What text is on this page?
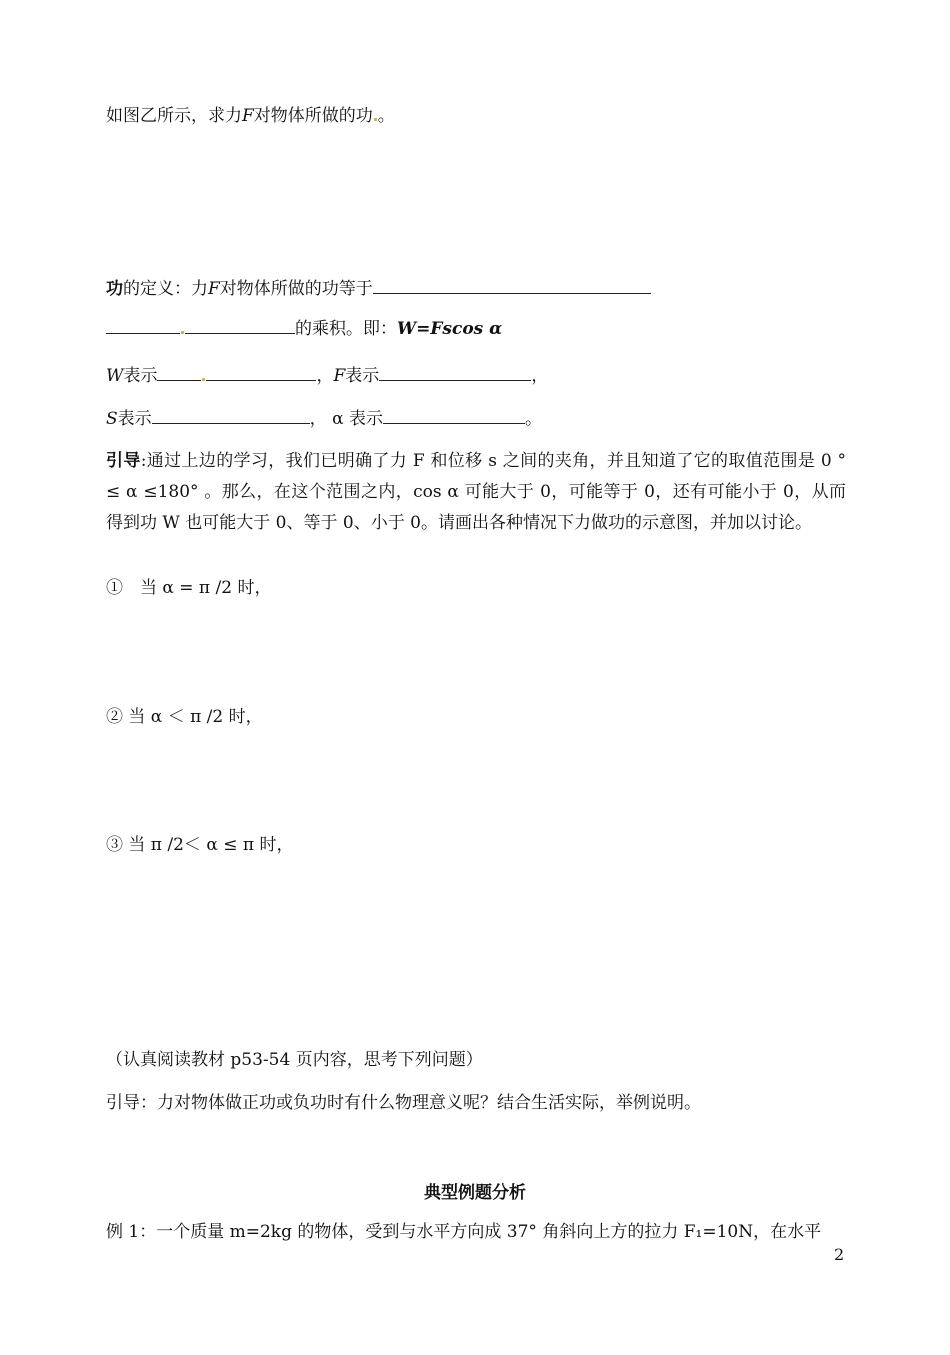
如图乙所示，求力F对物体所做的功 。
功的定义：力F对物体所做的功等于
的乘积。即：W=Fscos α
W表示	，F表示	，
S表示	， α 表示	。
引导:通过上边的学习，我们已明确了力 F 和位移 s 之间的夹角，并且知道了它的取值范围是 0 ° ≤ α ≤180° 。那么，在这个范围之内，cos α 可能大于 0，可能等于 0，还有可能小于 0，从而得到功 W 也可能大于 0、等于 0、小于 0。请画出各种情况下力做功的示意图，并加以讨论。
①　当 α = π /2 时，
② 当 α ＜ π /2 时，
③ 当 π /2＜ α ≤ π 时，
（认真阅读教材 p53-54 页内容，思考下列问题）
引导：力对物体做正功或负功时有什么物理意义呢？结合生活实际，举例说明。
典型例题分析
例 1：一个质量 m=2kg 的物体，受到与水平方向成 37° 角斜向上方的拉力 F₁=10N，在水平
2
